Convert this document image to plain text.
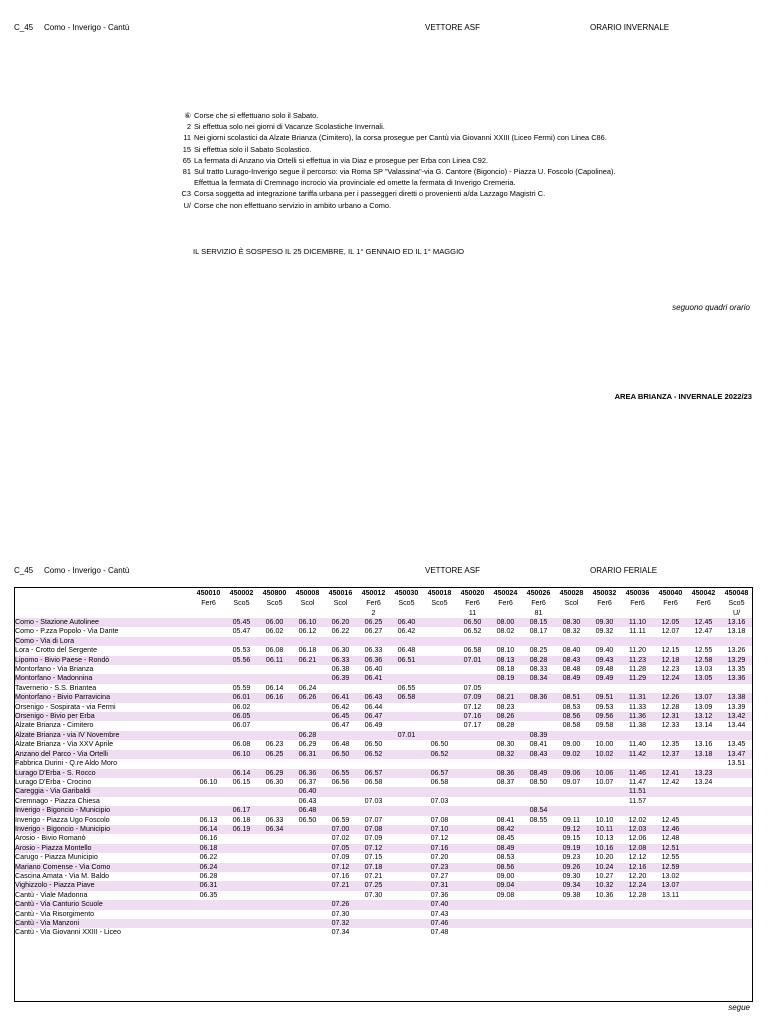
C_45 Como - Inverigo - Cantù	VETTORE ASF	ORARIO INVERNALE
⑥ Corse che si effettuano solo il Sabato.
2 Si effettua solo nei giorni di Vacanze Scolastiche Invernali.
11 Nei giorni scolastici da Alzate Brianza (Cimitero), la corsa prosegue per Cantù via Giovanni XXIII (Liceo Fermi) con Linea C86.
15 Si effettua solo il Sabato Scolastico.
65 La fermata di Anzano via Ortelli si effettua in via Diaz e prosegue per Erba con Linea C92.
81 Sul tratto Lurago-Inverigo segue il percorso: via Roma SP "Valassina"-via G. Cantore (Bigoncio) - Piazza U. Foscolo (Capolinea).
Effettua la fermata di Cremnago incrocio via provinciale ed omette la fermata di Inverigo Cremeria.
C3 Corsa soggetta ad integrazione tariffa urbana per i passeggeri diretti o provenienti a/da Lazzago Magistri C.
U/ Corse che non effettuano servizio in ambito urbano a Como.
IL SERVIZIO È SOSPESO IL 25 DICEMBRE, IL 1° GENNAIO ED IL 1° MAGGIO
seguono quadri orario
AREA BRIANZA - INVERNALE 2022/23
C_45 Como - Inverigo - Cantù	VETTORE ASF	ORARIO FERIALE
	450010	450002	450800	450008	450016	450012	450030	450018	450020	450024	450026	450028	450032	450036	450040	450042	450048
	Fer6	Sco5	Sco5	Scol	Scol	Fer6	Sco5	Sco5	Fer6	Fer6	Fer6	Scol	Fer6	Fer6	Fer6	Fer6	Sco5
						2			11		81						U/
Como - Stazione Autolinee		05.45	06.00	06.10	06.20	06.25	06.40		06.50	08.00	08.15	08.30	09.30	11.10	12.05	12.45	13.16
Como - P.zza Popolo - Via Dante		05.47	06.02	06.12	06.22	06.27	06.42		06.52	08.02	08.17	08.32	09.32	11.11	12.07	12.47	13.18
Como - Via di Lora																	
Lora - Crotto del Sergente		05.53	06.08	06.18	06.30	06.33	06.48		06.58	08.10	08.25	08.40	09.40	11.20	12.15	12.55	13.26
Lipomo - Bivio Paese - Rondò		05.56	06.11	06.21	06.33	06.36	06.51		07.01	08.13	08.28	08.43	09.43	11.23	12.18	12.58	13.29
Montorfano - Via Brianza					06.38	06.40				08.18	08.33	08.48	09.48	11.28	12.23	13.03	13.35
Montorfano - Madonnina					06.39	06.41				08.19	08.34	08.49	09.49	11.29	12.24	13.05	13.36
Tavernerio - S.S. Briantea		05.59	06.14	06.24			06.55		07.05								
Montorfano - Bivio Parravicina		06.01	06.16	06.26	06.41	06.43	06.58		07.09	08.21	08.36	08.51	09.51	11.31	12.26	13.07	13.38
Orsenigo - Sospirata - via Fermi		06.02			06.42	06.44			07.12	08.23		08.53	09.53	11.33	12.28	13.09	13.39
Orsenigo - Bivio per Erba		06.05			06.45	06.47			07.16	08.26		08.56	09.56	11.36	12.31	13.12	13.42
Alzate Brianza - Cimitero		06.07			06.47	06.49			07.17	08.28		08.58	09.58	11.38	12.33	13.14	13.44
Alzate Brianza - via IV Novembre				06.28			07.01				08.39						
Alzate Brianza - Via XXV Aprile		06.08	06.23	06.29	06.48	06.50		06.50		08.30	08.41	09.00	10.00	11.40	12.35	13.16	13.45
Anzano del Parco - Via Ortelli		06.10	06.25	06.31	06.50	06.52		06.52		08.32	08.43	09.02	10.02	11.42	12.37	13.18	13.47
Fabbrica Durini - Q.re Aldo Moro																	13.51
Lurago D'Erba - S. Rocco		06.14	06.29	06.36	06.55	06.57		06.57		08.36	08.49	09.06	10.06	11.46	12.41	13.23	
Lurago D'Erba - Crocino	06.10	06.15	06.30	06.37	06.56	06.58		06.58		08.37	08.50	09.07	10.07	11.47	12.42	13.24	
Careggia - Via Garibaldi				06.40										11.51			
Cremnago - Piazza Chiesa				06.43		07.03		07.03						11.57			
Inverigo - Bigoncio - Municipio		06.17		06.48							08.54						
Inverigo - Piazza Ugo Foscolo	06.13	06.18	06.33	06.50	06.59	07.07		07.08		08.41	08.55	09.11	10.10	12.02	12.45		
Inverigo - Bigoncio - Municipio	06.14	06.19	06.34		07.00	07.08		07.10		08.42		09.12	10.11	12.03	12.46		
Arosio - Bivio Romanò	06.16				07.02	07.09		07.12		08.45		09.15	10.13	12.06	12.48		
Arosio - Piazza Montello	06.18				07.05	07.12		07.16		08.49		09.19	10.16	12.08	12.51		
Carugo - Piazza Municipio	06.22				07.09	07.15		07.20		08.53		09.23	10.20	12.12	12.55		
Mariano Comense - Via Como	06.24				07.12	07.18		07.23		08.56		09.26	10.24	12.16	12.59		
Cascina Amata - Via M. Baldo	06.28				07.16	07.21		07.27		09.00		09.30	10.27	12.20	13.02		
Vighizzolo - Piazza Piave	06.31				07.21	07.25		07.31		09.04		09.34	10.32	12.24	13.07		
Cantù - Viale Madonna	06.35					07.30		07.36		09.08		09.38	10.36	12.28	13.11		
Cantù - Via Canturio Scuole					07.26			07.40									
Cantù - Via Risorgimento					07.30			07.43									
Cantù - Via Manzoni					07.32			07.46									
Cantù - Via Giovanni XXIII - Liceo					07.34			07.48									
segue
